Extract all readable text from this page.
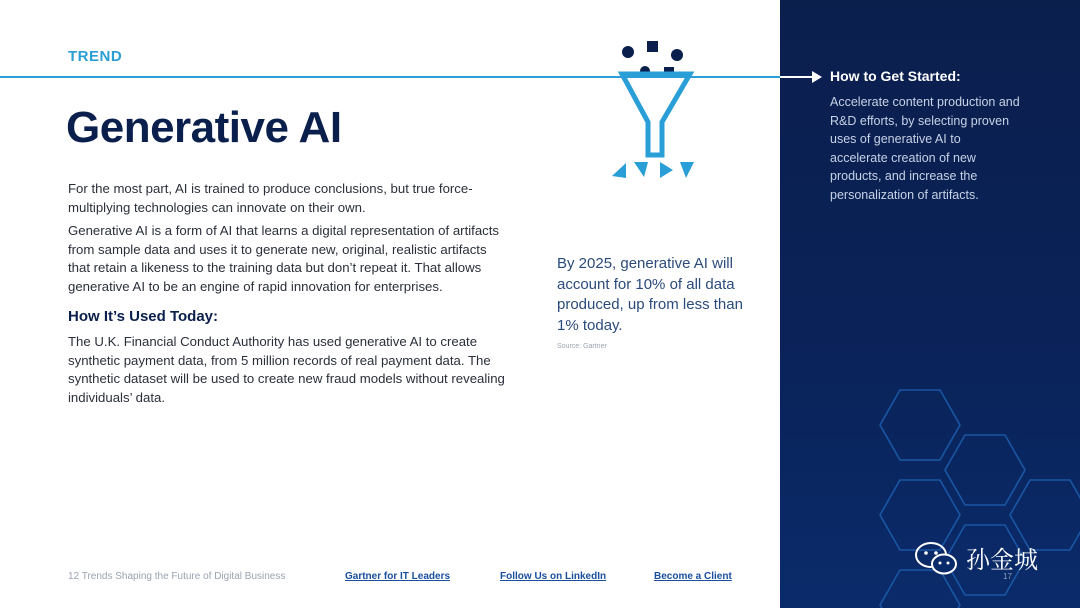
TREND
Generative AI

For the most part, AI is trained to produce conclusions, but true force-multiplying technologies can innovate on their own.

Generative AI is a form of AI that learns a digital representation of artifacts from sample data and uses it to generate new, original, realistic artifacts that retain a likeness to the training data but don’t repeat it. That allows generative AI to be an engine of rapid innovation for enterprises.

How It’s Used Today:

The U.K. Financial Conduct Authority has used generative AI to create synthetic payment data, from 5 million records of real payment data. The synthetic dataset will be used to create new fraud models without revealing individuals’ data.

By 2025, generative AI will account for 10% of all data produced, up from less than 1% today.

Source: Gartner
How to Get Started:

Accelerate content production and R&D efforts, by selecting proven uses of generative AI to accelerate creation of new products, and increase the personalization of artifacts.

12 Trends Shaping the Future of Digital Business	Gartner for IT Leaders	Follow Us on LinkedIn	Become a Client
孙金城
17
